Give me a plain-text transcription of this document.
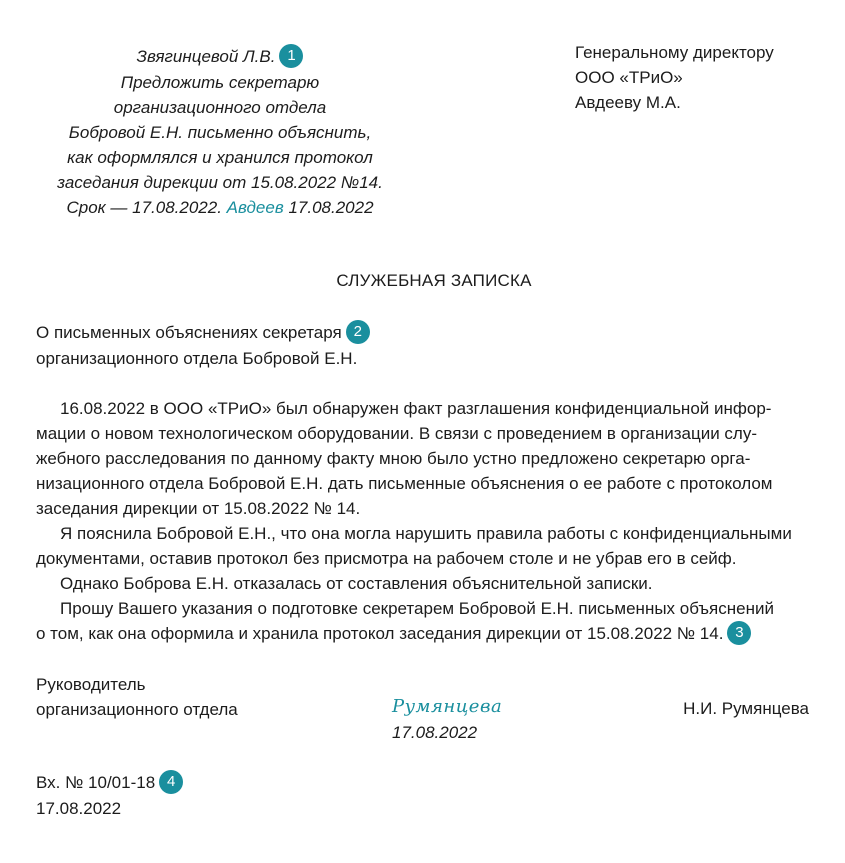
Звягинцевой Л.В. 1
Предложить секретарю
организационного отдела
Бобровой Е.Н. письменно объяснить,
как оформлялся и хранился протокол
заседания дирекции от 15.08.2022 №14.
Срок — 17.08.2022. Авдеев 17.08.2022
Генеральному директору
ООО «ТРиО»
Авдееву М.А.
СЛУЖЕБНАЯ ЗАПИСКА
О письменных объяснениях секретаря 2
организационного отдела Бобровой Е.Н.
16.08.2022 в ООО «ТРиО» был обнаружен факт разглашения конфиденциальной инфор-
мации о новом технологическом оборудовании. В связи с проведением в организации слу-
жебного расследования по данному факту мною было устно предложено секретарю орга-
низационного отдела Бобровой Е.Н. дать письменные объяснения о ее работе с протоколом
заседания дирекции от 15.08.2022 № 14.
Я пояснила Бобровой Е.Н., что она могла нарушить правила работы с конфиденциальными
документами, оставив протокол без присмотра на рабочем столе и не убрав его в сейф.
Однако Боброва Е.Н. отказалась от составления объяснительной записки.
Прошу Вашего указания о подготовке секретарем Бобровой Е.Н. письменных объяснений
о том, как она оформила и хранила протокол заседания дирекции от 15.08.2022 № 14. 3
Руководитель
организационного отдела	Румянцева
17.08.2022
Н.И. Румянцева
Вх. № 10/01-18 4
17.08.2022
